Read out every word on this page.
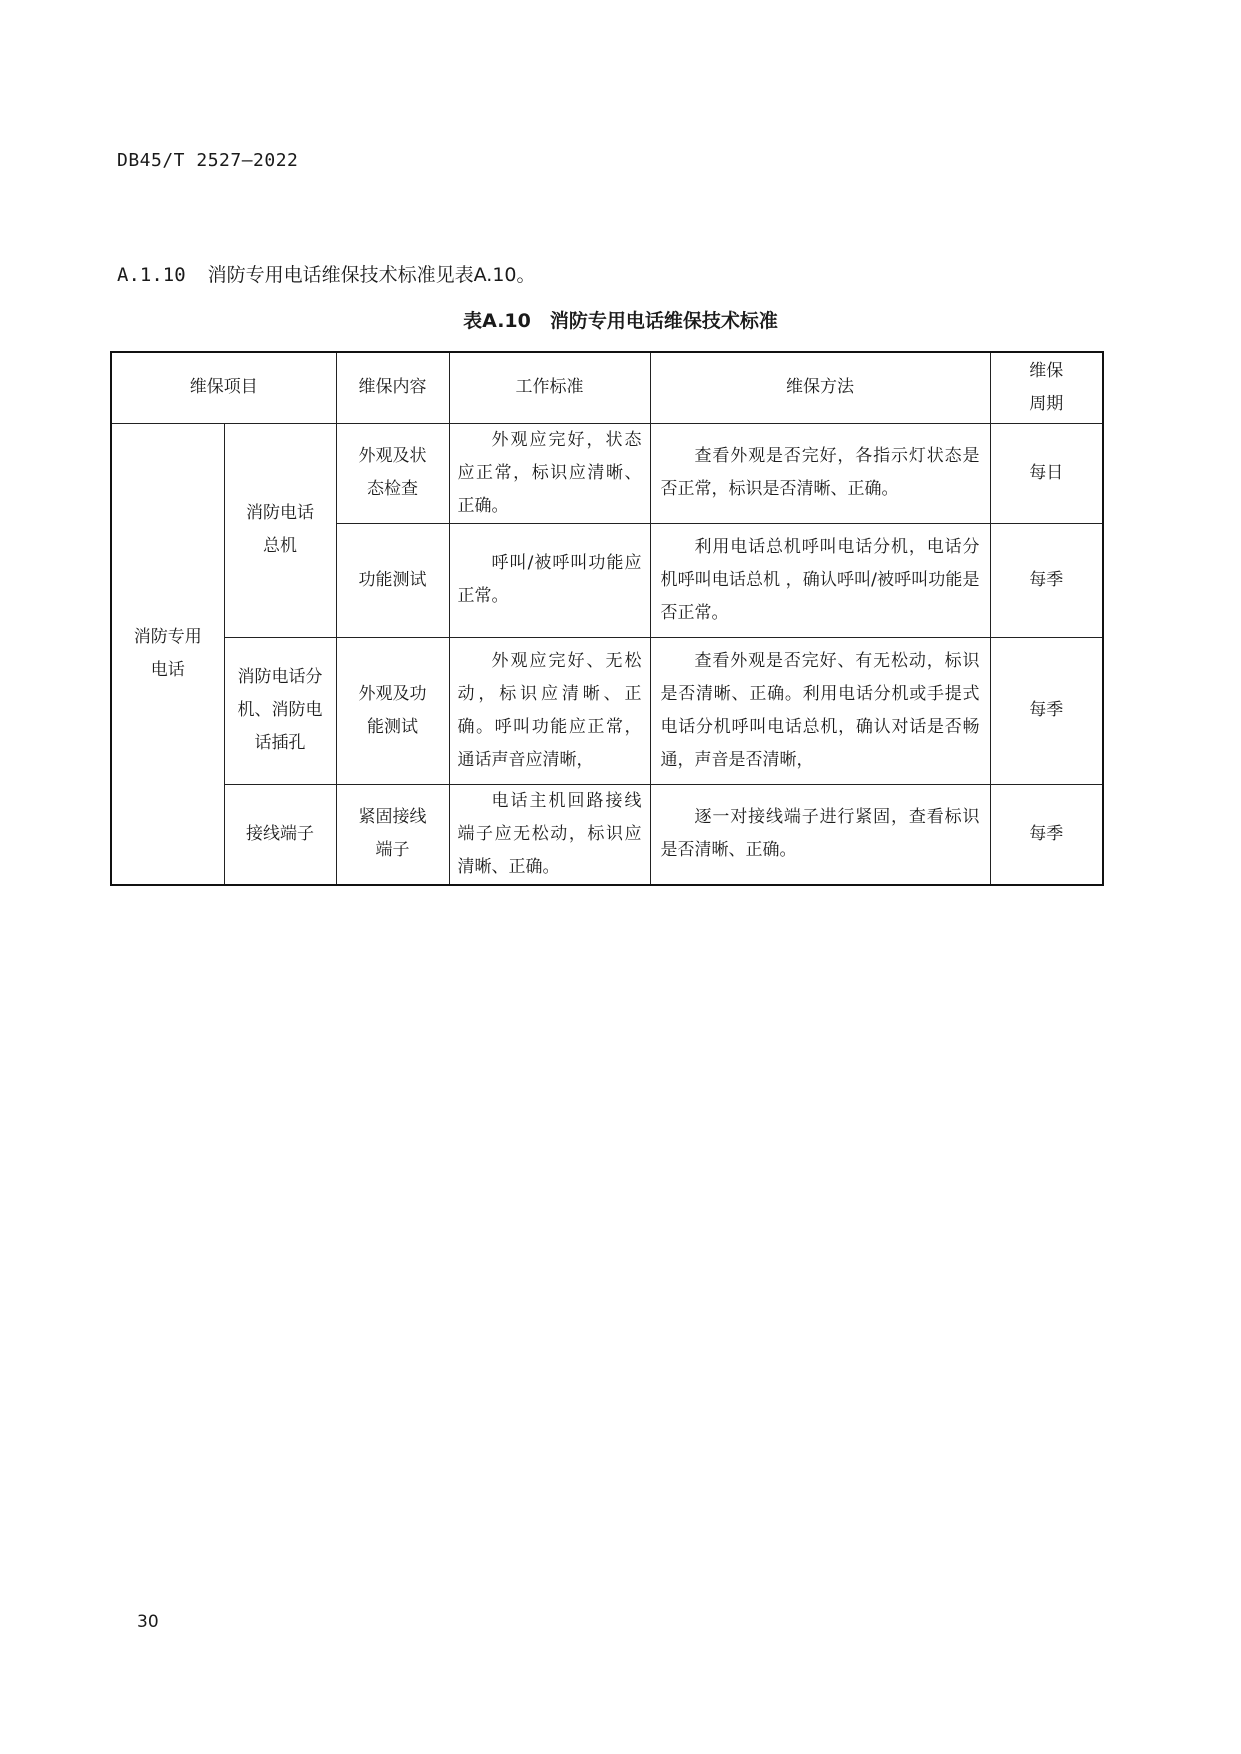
DB45/T 2527—2022
A.1.10 消防专用电话维保技术标准见表A.10。
表A.10　消防专用电话维保技术标准
维保项目		维保内容	工作标准	维保方法	维保
周期

消防专用电话	消防电话总机	外观及状态检查	外观应完好，状态应正常，标识应清晰、正确。	查看外观是否完好，各指示灯状态是否正常，标识是否清晰、正确。	每日
		功能测试	呼叫/被呼叫功能应正常。	利用电话总机呼叫电话分机，电话分机呼叫电话总机 ，确认呼叫/被呼叫功能是否正常。	每季
	消防电话分机、消防电话插孔	外观及功能测试	外观应完好、无松动，标识应清晰、正确。呼叫功能应正常，通话声音应清晰，	查看外观是否完好、有无松动，标识是否清晰、正确。利用电话分机或手提式电话分机呼叫电话总机，确认对话是否畅通，声音是否清晰，	每季
	接线端子	紧固接线端子	电话主机回路接线端子应无松动，标识应清晰、正确。	逐一对接线端子进行紧固，查看标识是否清晰、正确。	每季
30
